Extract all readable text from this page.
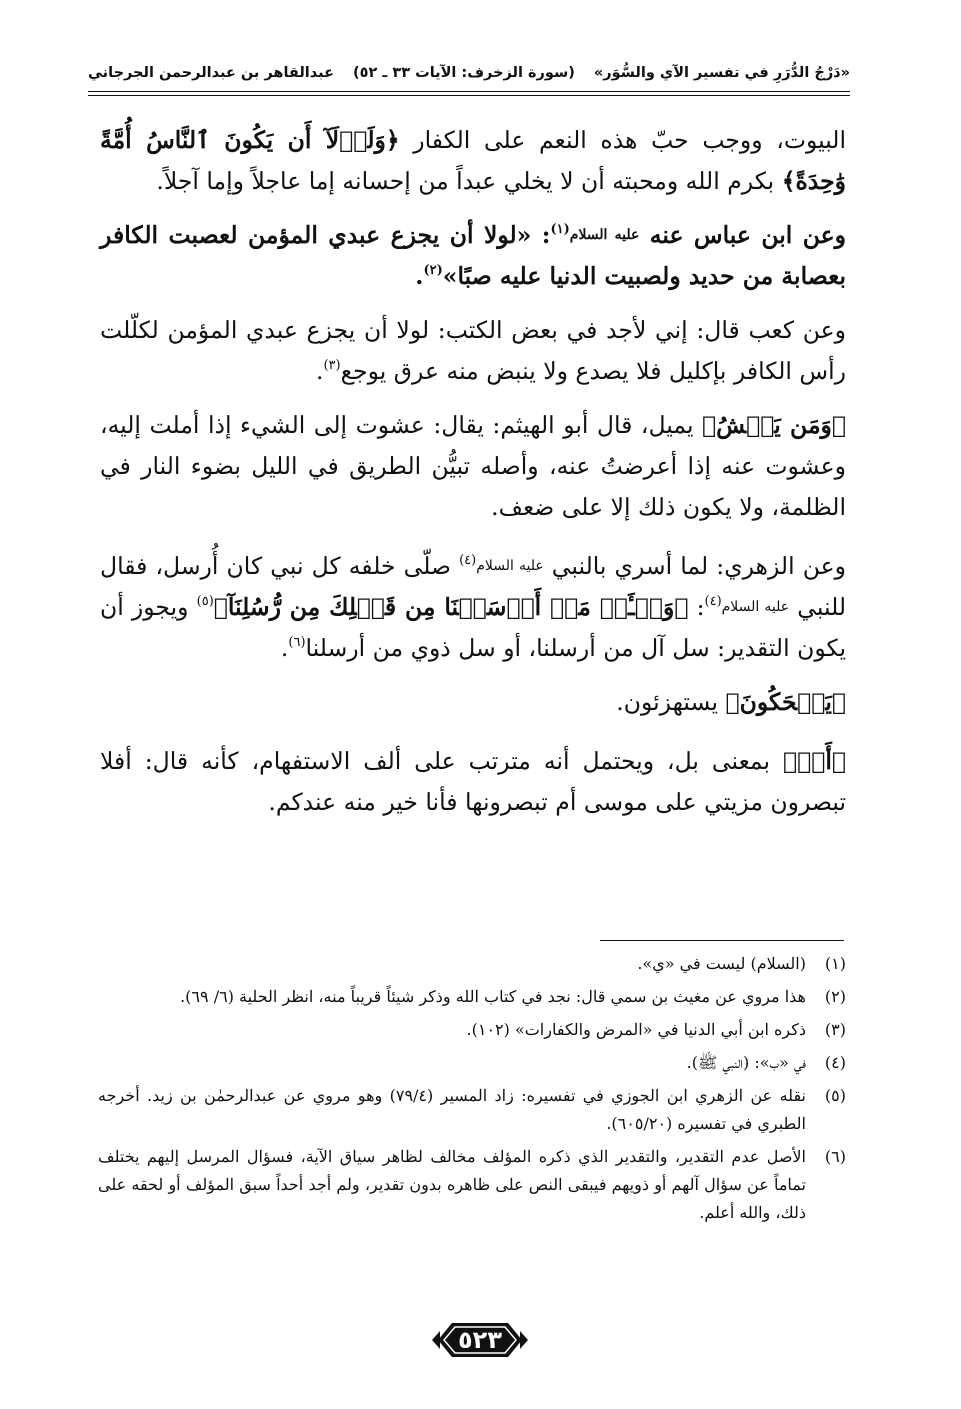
«دَرْجُ الدُّرَرِ في تفسير الآي والسُّوَر»
(سورة الزخرف: الآيات ٣٣ ـ ٥٢)
عبدالقاهر بن عبدالرحمن الجرجاني

البيوت، ووجب حبّ هذه النعم على الكفار ﴿وَلَوۡلَآ أَن يَكُونَ ٱلنَّاسُ أُمَّةً وَٰحِدَةً﴾ بكرم الله ومحبته أن لا يخلي عبداً من إحسانه إما عاجلاً وإما آجلاً.

وعن ابن عباس عنه عليه السلام$^{(١)}$: «لولا أن يجزع عبدي المؤمن لعصبت الكافر بعصابة من حديد ولصبيت الدنيا عليه صبًا»$^{(٢)}$.

وعن كعب قال: إني لأجد في بعض الكتب: لولا أن يجزع عبدي المؤمن لكلّلت رأس الكافر بإكليل فلا يصدع ولا ينبض منه عرق يوجع$^{(٣)}$.

﴿وَمَن يَعۡشُ﴾ يميل، قال أبو الهيثم: يقال: عشوت إلى الشيء إذا أملت إليه، وعشوت عنه إذا أعرضتُ عنه، وأصله تبيُّن الطريق في الليل بضوء النار في الظلمة، ولا يكون ذلك إلا على ضعف.

وعن الزهري: لما أسري بالنبي عليه السلام$^{(٤)}$ صلّى خلفه كل نبي كان أُرسل، فقال للنبي عليه السلام$^{(٤)}$: ﴿وَسۡـَٔلۡ مَنۡ أَرۡسَلۡنَا مِن قَبۡلِكَ مِن رُّسُلِنَآ﴾$^{(٥)}$ ويجوز أن يكون التقدير: سل آل من أرسلنا، أو سل ذوي من أرسلنا$^{(٦)}$.

﴿يَضۡحَكُونَ﴾ يستهزئون.

﴿أَمۡ﴾ بمعنى بل، ويحتمل أنه مترتب على ألف الاستفهام، كأنه قال: أفلا تبصرون مزيتي على موسى أم تبصرونها فأنا خير منه عندكم.

(١)
(السلام) ليست في «ي».
(٢)
هذا مروي عن مغيث بن سمي قال: نجد في كتاب الله وذكر شيئاً قريباً منه، انظر الحلية (٦/ ٦٩).
(٣)
ذكره ابن أبي الدنيا في «المرض والكفارات» (١٠٢).
(٤)
في «ب»: (النبي ﷺ).
(٥)
نقله عن الزهري ابن الجوزي في تفسيره: زاد المسير (٧٩/٤) وهو مروي عن عبدالرحمٰن بن زيد. أخرجه الطبري في تفسيره (٦٠٥/٢٠).
(٦)
الأصل عدم التقدير، والتقدير الذي ذكره المؤلف مخالف لظاهر سياق الآية، فسؤال المرسل إليهم يختلف تماماً عن سؤال آلهم أو ذويهم فيبقى النص على ظاهره بدون تقدير، ولم أجد أحداً سبق المؤلف أو لحقه على ذلك، والله أعلم.
٥٢٣
